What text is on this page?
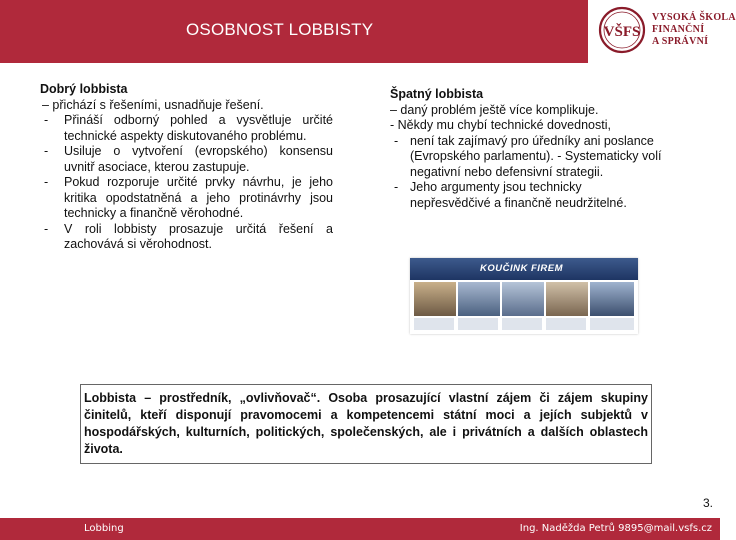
OSOBNOST LOBBISTY	VŠFS
VYSOKÁ ŠKOLA
FINANČNÍ
A SPRÁVNÍ
Dobrý lobbista
– přichází s řešeními, usnadňuje řešení.
- Přináší odborný pohled a vysvětluje určité technické aspekty diskutovaného problému.
- Usiluje o vytvoření (evropského) konsensu uvnitř asociace, kterou zastupuje.
- Pokud rozporuje určité prvky návrhu, je jeho kritika opodstatněná a jeho protinávrhy jsou technicky a finančně věrohodné.
- V roli lobbisty prosazuje určitá řešení a zachovává si věrohodnost.
Špatný lobbista
– daný problém ještě více komplikuje.
- Někdy mu chybí technické dovednosti,
- není tak zajímavý pro úředníky ani poslance (Evropského parlamentu). - Systematicky volí negativní nebo defensivní strategii.
- Jeho argumenty jsou technicky nepřesvědčivé a finančně neudržitelné.
KOUČINK FIREM
Lobbista – prostředník, „ovlivňovač“. Osoba prosazující vlastní zájem či zájem skupiny činitelů, kteří disponují pravomocemi a kompetencemi státní moci a jejích subjektů v hospodářských, kulturních, politických, společenských, ale i privátních a dalších oblastech života.
3.
Lobbing	Ing. Naděžda Petrů 9895@mail.vsfs.cz
